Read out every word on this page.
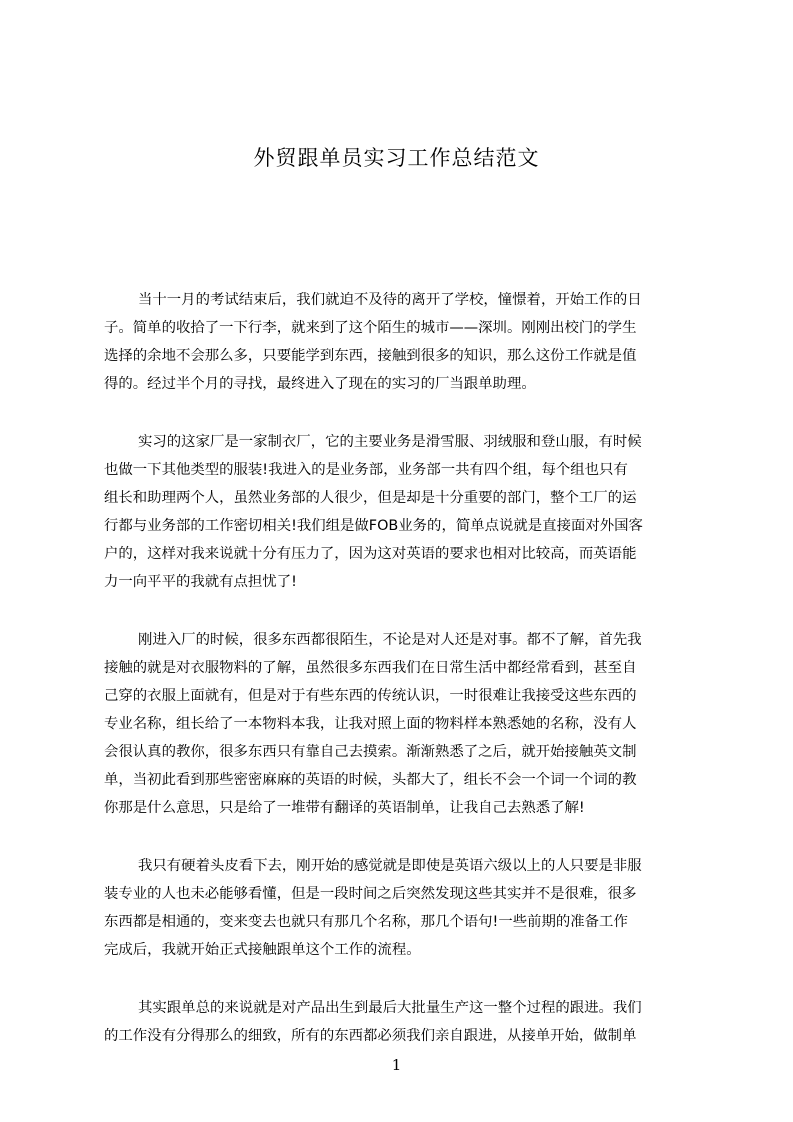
外贸跟单员实习工作总结范文
当十一月的考试结束后，我们就迫不及待的离开了学校，憧憬着，开始工作的日
子。简单的收拾了一下行李，就来到了这个陌生的城市——深圳。刚刚出校门的学生
选择的余地不会那么多，只要能学到东西，接触到很多的知识，那么这份工作就是值
得的。经过半个月的寻找，最终进入了现在的实习的厂当跟单助理。
实习的这家厂是一家制衣厂，它的主要业务是滑雪服、羽绒服和登山服，有时候
也做一下其他类型的服装!我进入的是业务部，业务部一共有四个组，每个组也只有
组长和助理两个人，虽然业务部的人很少，但是却是十分重要的部门，整个工厂的运
行都与业务部的工作密切相关!我们组是做FOB业务的，简单点说就是直接面对外国客
户的，这样对我来说就十分有压力了，因为这对英语的要求也相对比较高，而英语能
力一向平平的我就有点担忧了!
刚进入厂的时候，很多东西都很陌生，不论是对人还是对事。都不了解，首先我
接触的就是对衣服物料的了解，虽然很多东西我们在日常生活中都经常看到，甚至自
己穿的衣服上面就有，但是对于有些东西的传统认识，一时很难让我接受这些东西的
专业名称，组长给了一本物料本我，让我对照上面的物料样本熟悉她的名称，没有人
会很认真的教你，很多东西只有靠自己去摸索。渐渐熟悉了之后，就开始接触英文制
单，当初此看到那些密密麻麻的英语的时候，头都大了，组长不会一个词一个词的教
你那是什么意思，只是给了一堆带有翻译的英语制单，让我自己去熟悉了解!
我只有硬着头皮看下去，刚开始的感觉就是即使是英语六级以上的人只要是非服
装专业的人也未必能够看懂，但是一段时间之后突然发现这些其实并不是很难，很多
东西都是相通的，变来变去也就只有那几个名称，那几个语句!一些前期的准备工作
完成后，我就开始正式接触跟单这个工作的流程。
其实跟单总的来说就是对产品出生到最后大批量生产这一整个过程的跟进。我们
的工作没有分得那么的细致，所有的东西都必须我们亲自跟进，从接单开始，做制单
1
